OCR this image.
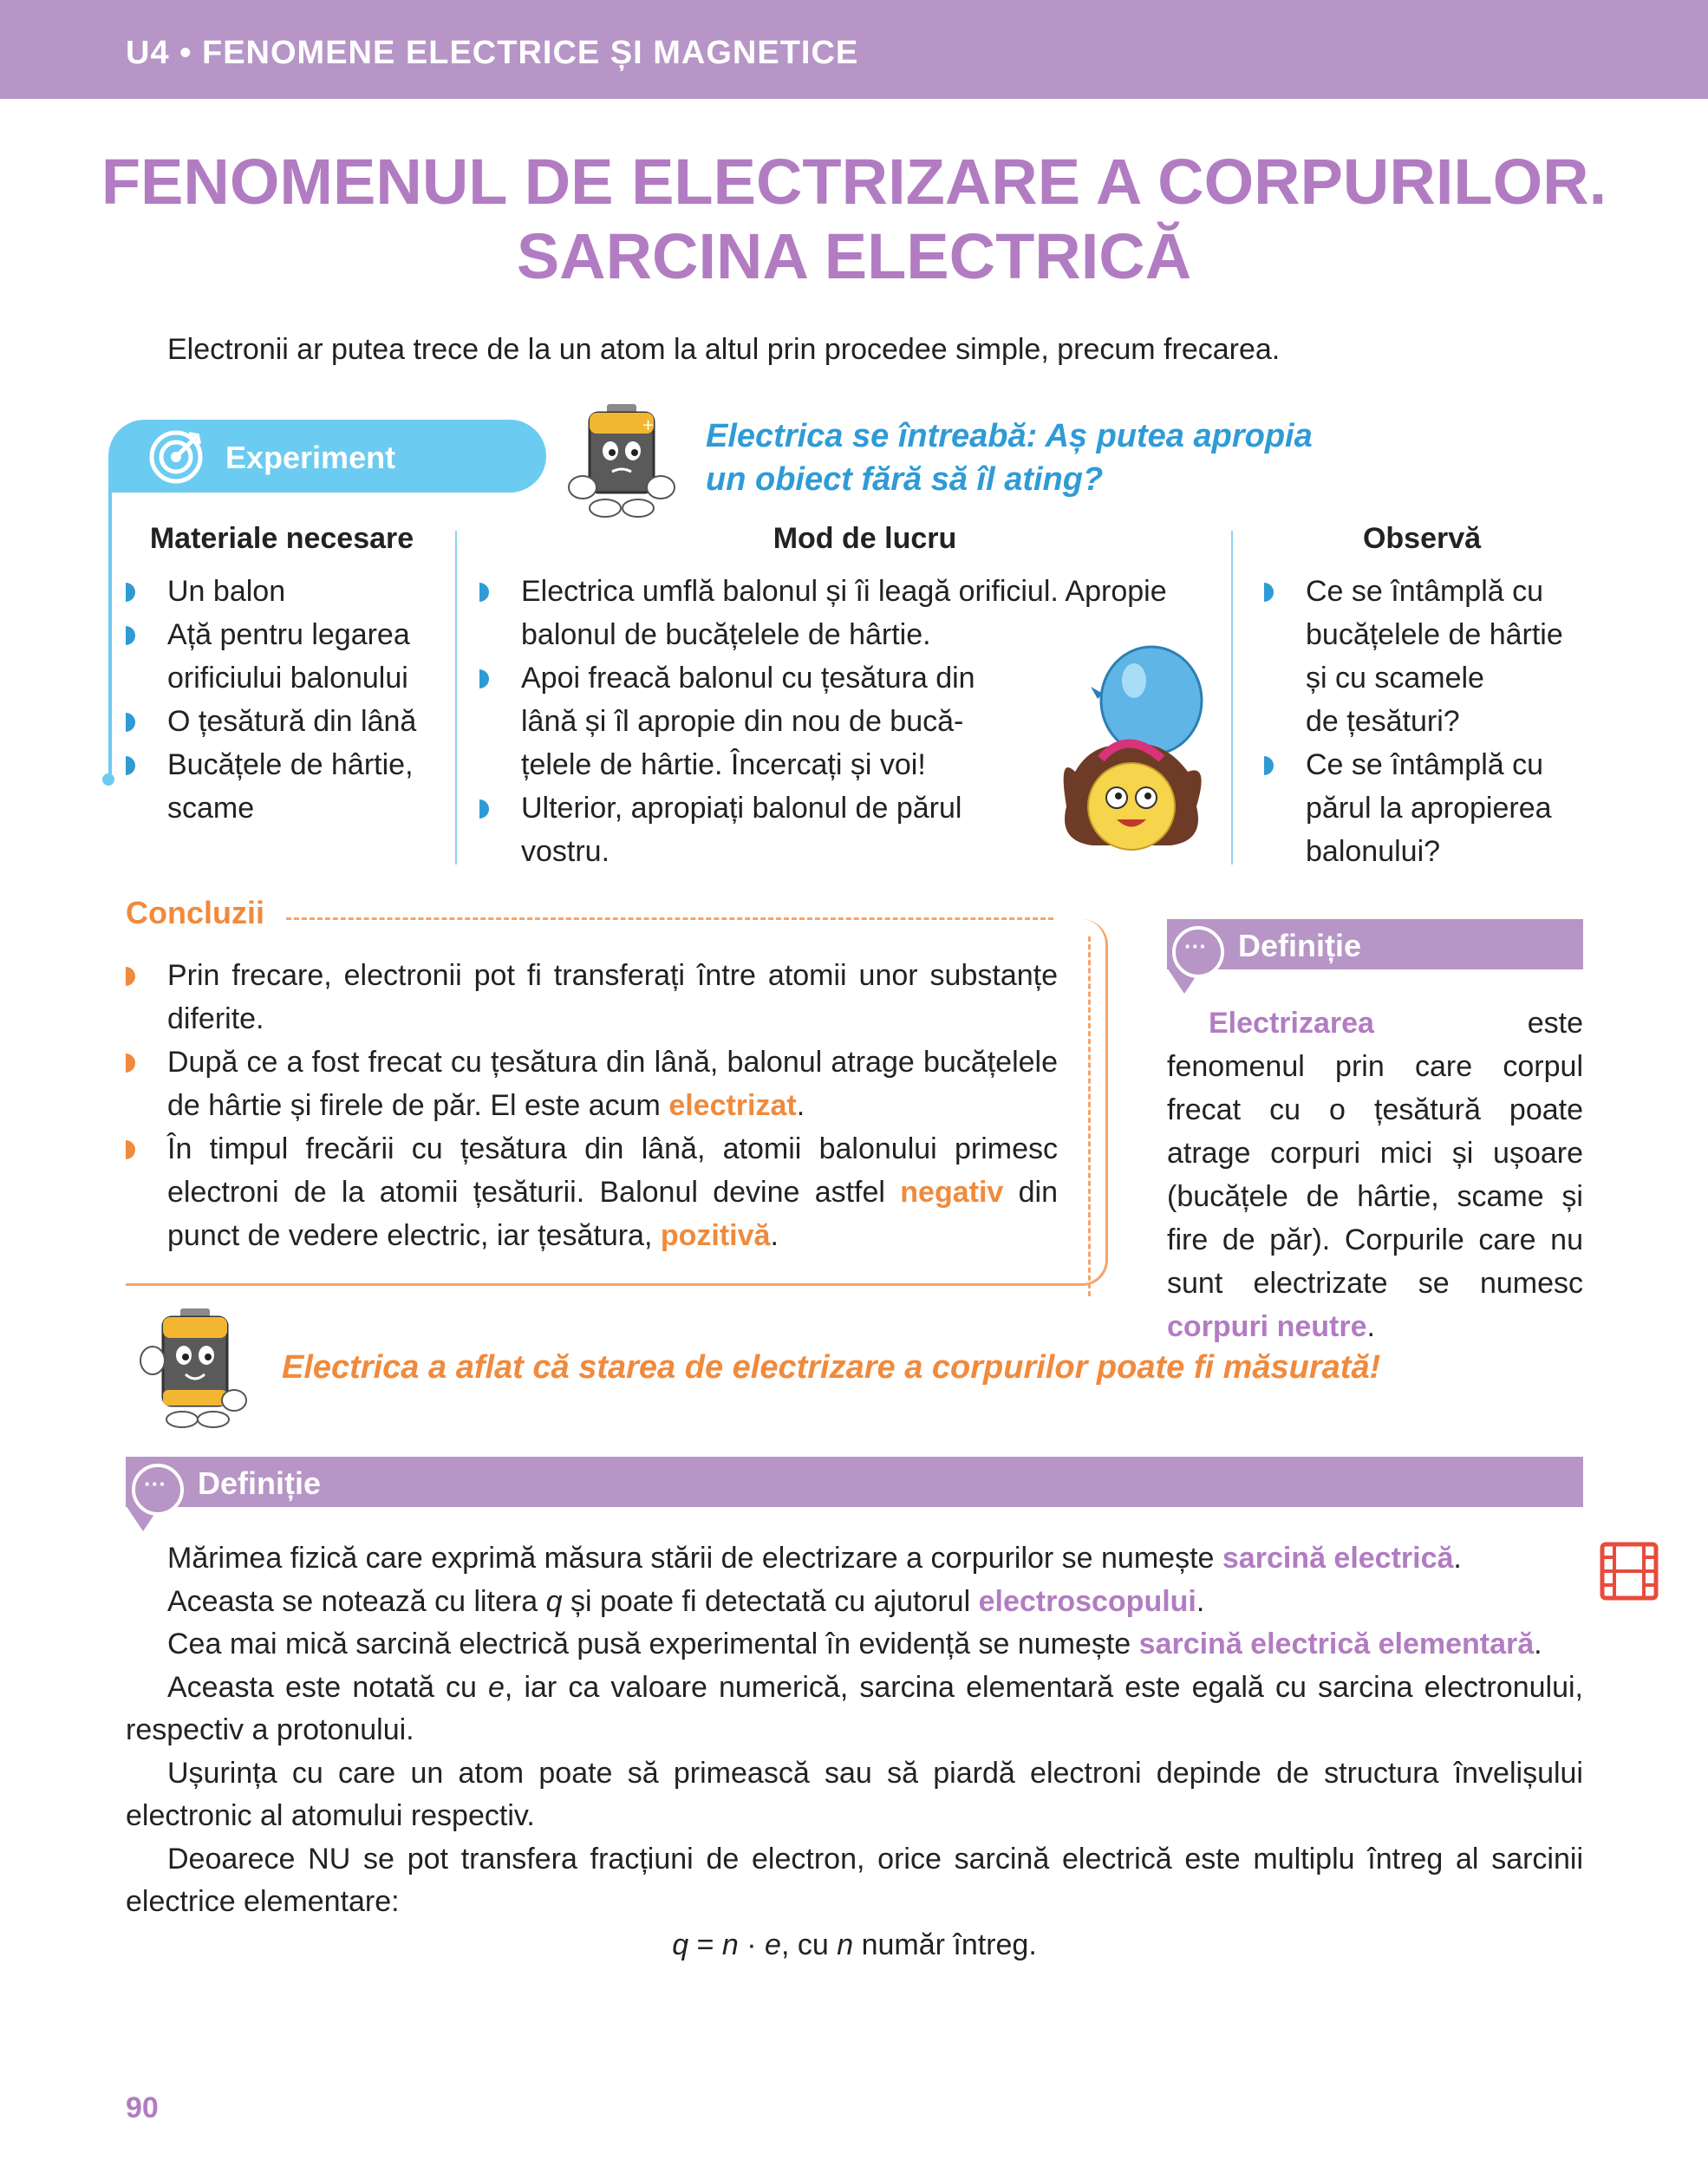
U4 • FENOMENE ELECTRICE ȘI MAGNETICE
FENOMENUL DE ELECTRIZARE A CORPURILOR.
SARCINA ELECTRICĂ
Electronii ar putea trece de la un atom la altul prin procedee simple, precum frecarea.
Experiment
+ Electrica se întreabă: Aș putea apropia
un obiect fără să îl ating?
Materiale necesare	Mod de lucru	Observă
Un balon
Ață pentru legarea
orificiului balonului
O țesătură din lână
Bucățele de hârtie,
scame
Electrica umflă balonul și îi leagă orificiul. Apropie
balonul de bucățelele de hârtie.
Apoi freacă balonul cu țesătura din
lână și îl apropie din nou de bucă-
țelele de hârtie. Încercați și voi!
Ulterior, apropiați balonul de părul
vostru.
Ce se întâmplă cu
bucățelele de hârtie
și cu scamele
de țesături?
Ce se întâmplă cu
părul la apropierea
balonului?
Concluzii
Prin frecare, electronii pot fi transferați între atomii unor substanțe diferite.
După ce a fost frecat cu țesătura din lână, balonul atrage bucățelele de hârtie și firele de păr. El este acum electrizat.
În timpul frecării cu țesătura din lână, atomii balonului primesc electroni de la atomii țesăturii. Balonul devine astfel negativ din punct de vedere electric, iar țesătura, pozitivă.
···
Definiție
Electrizarea este fenomenul prin care corpul frecat cu o țesătură poate atrage corpuri mici și ușoare (bucățele de hârtie, scame și fire de păr). Corpurile care nu sunt electrizate se numesc corpuri neutre.
Electrica a aflat că starea de electrizare a corpurilor poate fi măsurată!
···
Definiție

Mărimea fizică care exprimă măsura stării de electrizare a corpurilor se numește sarcină electrică.

Aceasta se notează cu litera q și poate fi detectată cu ajutorul electroscopului.

Cea mai mică sarcină electrică pusă experimental în evidență se numește sarcină electrică elementară.

Aceasta este notată cu e, iar ca valoare numerică, sarcina elementară este egală cu sarcina electronului, respectiv a protonului.

Ușurința cu care un atom poate să primească sau să piardă electroni depinde de structura învelișului electronic al atomului respectiv.

Deoarece NU se pot transfera fracțiuni de electron, orice sarcină electrică este multiplu întreg al sarcinii electrice elementare:

q = n · e, cu n număr întreg.

90
